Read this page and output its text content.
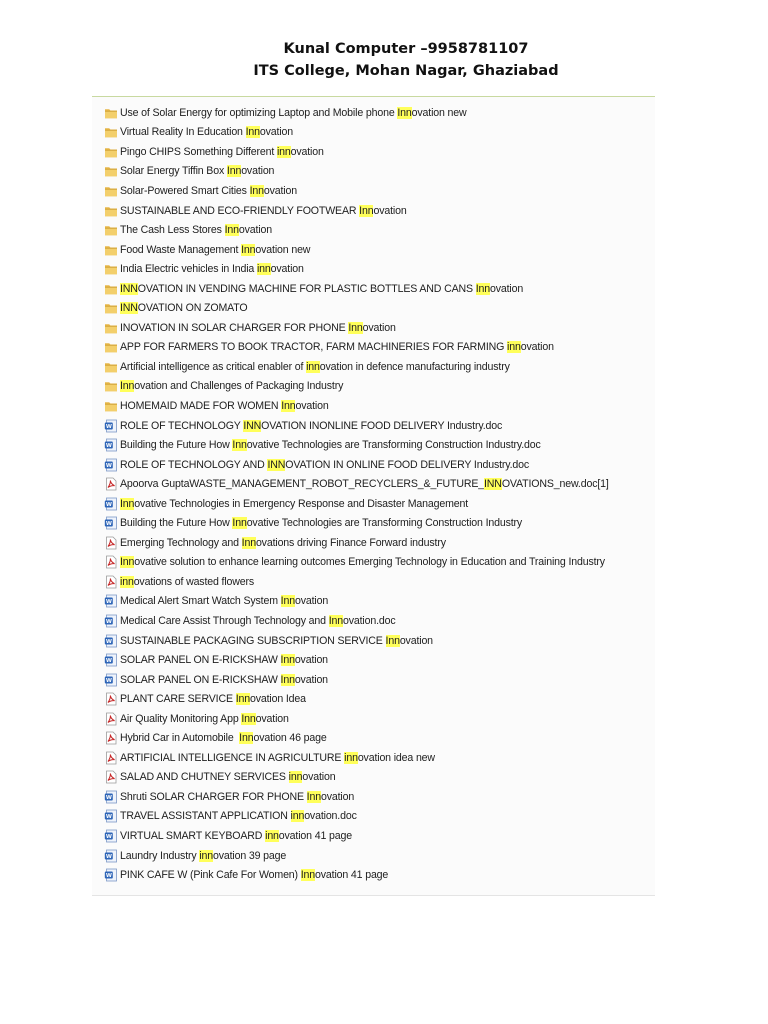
Kunal Computer –9958781107
ITS College, Mohan Nagar, Ghaziabad
Use of Solar Energy for optimizing Laptop and Mobile phone Innovation new
Virtual Reality In Education Innovation
Pingo CHIPS Something Different innovation
Solar Energy Tiffin Box Innovation
Solar-Powered Smart Cities Innovation
SUSTAINABLE AND ECO-FRIENDLY FOOTWEAR Innovation
The Cash Less Stores Innovation
Food Waste Management Innovation new
India Electric vehicles in India innovation
INNOVATION IN VENDING MACHINE FOR PLASTIC BOTTLES AND CANS Innovation
INNOVATION ON ZOMATO
INOVATION IN SOLAR CHARGER FOR PHONE Innovation
APP FOR FARMERS TO BOOK TRACTOR, FARM MACHINERIES FOR FARMING innovation
Artificial intelligence as critical enabler of innovation in defence manufacturing industry
Innovation and Challenges of Packaging Industry
HOMEMAID MADE FOR WOMEN Innovation
W ROLE OF TECHNOLOGY INNOVATION INONLINE FOOD DELIVERY Industry.doc
W Building the Future How Innovative Technologies are Transforming Construction Industry.doc
W ROLE OF TECHNOLOGY AND INNOVATION IN ONLINE FOOD DELIVERY Industry.doc
Apoorva GuptaWASTE_MANAGEMENT_ROBOT_RECYCLERS_&_FUTURE_INNOVATIONS_new.doc[1]
W Innovative Technologies in Emergency Response and Disaster Management
W Building the Future How Innovative Technologies are Transforming Construction Industry
Emerging Technology and Innovations driving Finance Forward industry
Innovative solution to enhance learning outcomes Emerging Technology in Education and Training Industry
innovations of wasted flowers
W Medical Alert Smart Watch System Innovation
W Medical Care Assist Through Technology and Innovation.doc
W SUSTAINABLE PACKAGING SUBSCRIPTION SERVICE Innovation
W SOLAR PANEL ON E-RICKSHAW Innovation
W SOLAR PANEL ON E-RICKSHAW Innovation
PLANT CARE SERVICE Innovation Idea
Air Quality Monitoring App Innovation
Hybrid Car in Automobile  Innovation 46 page
ARTIFICIAL INTELLIGENCE IN AGRICULTURE innovation idea new
SALAD AND CHUTNEY SERVICES innovation
W Shruti SOLAR CHARGER FOR PHONE Innovation
W TRAVEL ASSISTANT APPLICATION innovation.doc
W VIRTUAL SMART KEYBOARD innovation 41 page
W Laundry Industry innovation 39 page
W PINK CAFE W (Pink Cafe For Women) Innovation 41 page
